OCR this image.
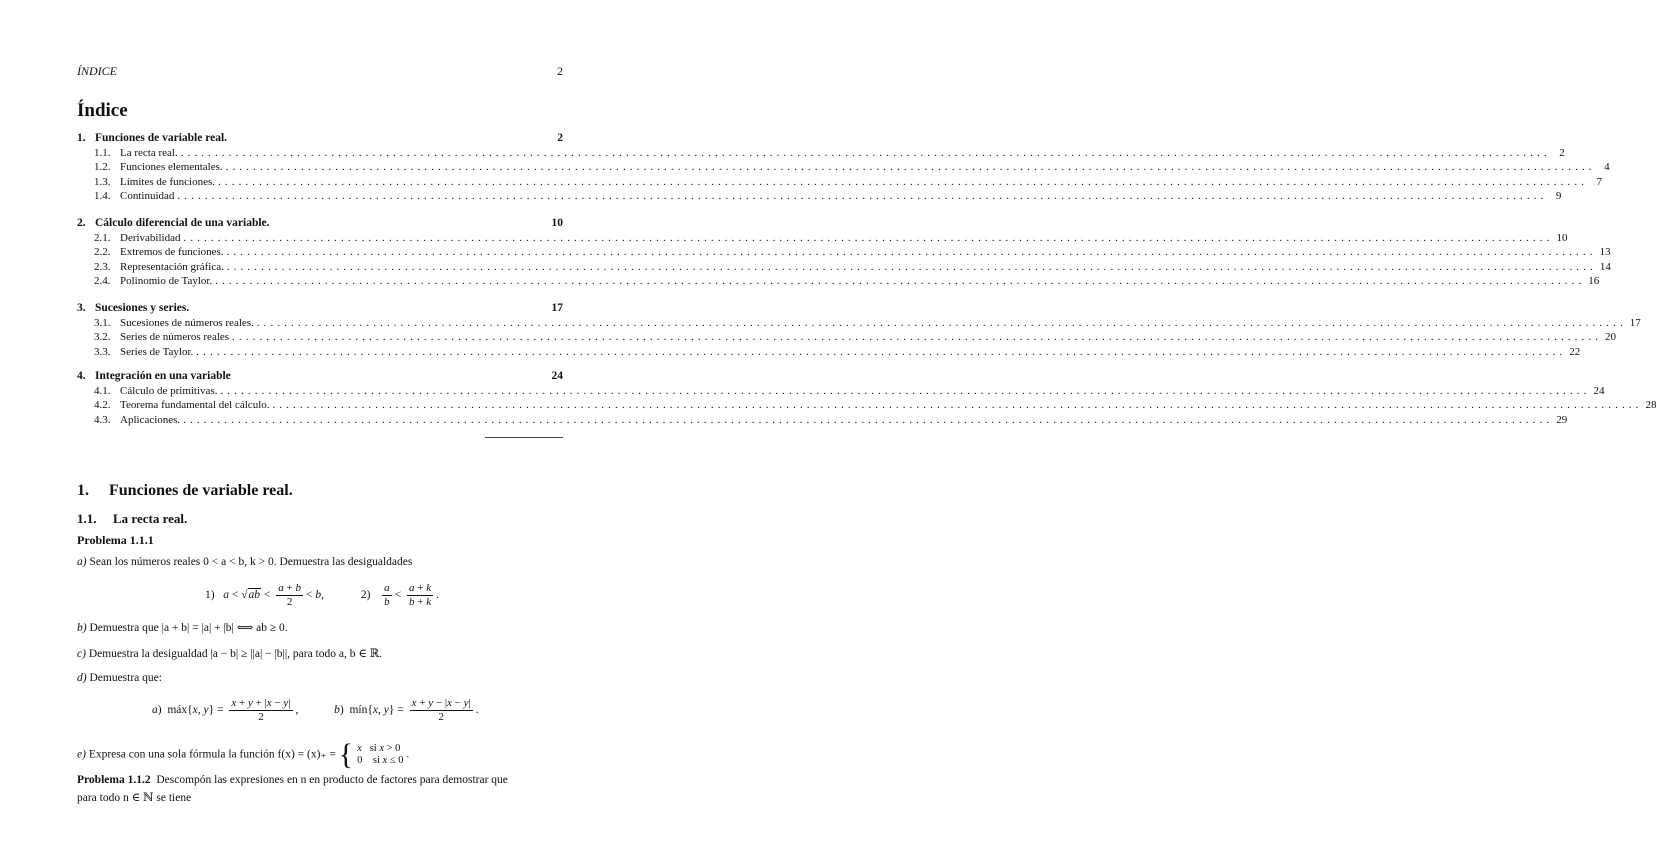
ÍNDICE	2
Índice
1. Funciones de variable real.	2
1.1. La recta real. ........................................................................................................................................................................................................ 2
1.2. Funciones elementales. ........................................................................................................................................................................................................ 4
1.3. Límites de funciones. ........................................................................................................................................................................................................ 7
1.4. Continuidad ........................................................................................................................................................................................................ 9
2. Cálculo diferencial de una variable.	10
2.1. Derivabilidad ........................................................................................................................................................................................................ 10
2.2. Extremos de funciones. ........................................................................................................................................................................................................ 13
2.3. Representación gráfica. ........................................................................................................................................................................................................ 14
2.4. Polinomio de Taylor. ........................................................................................................................................................................................................ 16
3. Sucesiones y series.	17
3.1. Sucesiones de números reales. ........................................................................................................................................................................................................ 17
3.2. Series de números reales ........................................................................................................................................................................................................ 20
3.3. Series de Taylor. ........................................................................................................................................................................................................ 22
4. Integración en una variable	24
4.1. Cálculo de primitivas. ........................................................................................................................................................................................................ 24
4.2. Teorema fundamental del cálculo. ........................................................................................................................................................................................................ 28
4.3. Aplicaciones. ........................................................................................................................................................................................................ 29
1. Funciones de variable real.
1.1. La recta real.
Problema 1.1.1
a) Sean los números reales 0 < a < b, k > 0. Demuestra las desigualdades
1)   $a < √ab < \frac{a + b}{2} < b$,	$2) \frac{a}{b} < \frac{a + k}{b + k}$ .
b) Demuestra que |a + b| = |a| + |b| ⟺ ab ≥ 0.
c) Demuestra la desigualdad |a − b| ≥ ||a| − |b||, para todo a, b ∈ ℝ.
d) Demuestra que:
a)  máx{x, $y\} = \frac{x + y + |x - y|}{2}$ ,	b)  mín{x, $y\} = \frac{x + y - |x - y|}{2}$ .
e) Expresa con una sola fórmula la función f(x) = (x)₊ = { x   si x > 0
0    si x ≤ 0 .
Problema 1.1.2 Descompón las expresiones en n en producto de factores para demostrar que
para todo n ∈ ℕ se tiene
